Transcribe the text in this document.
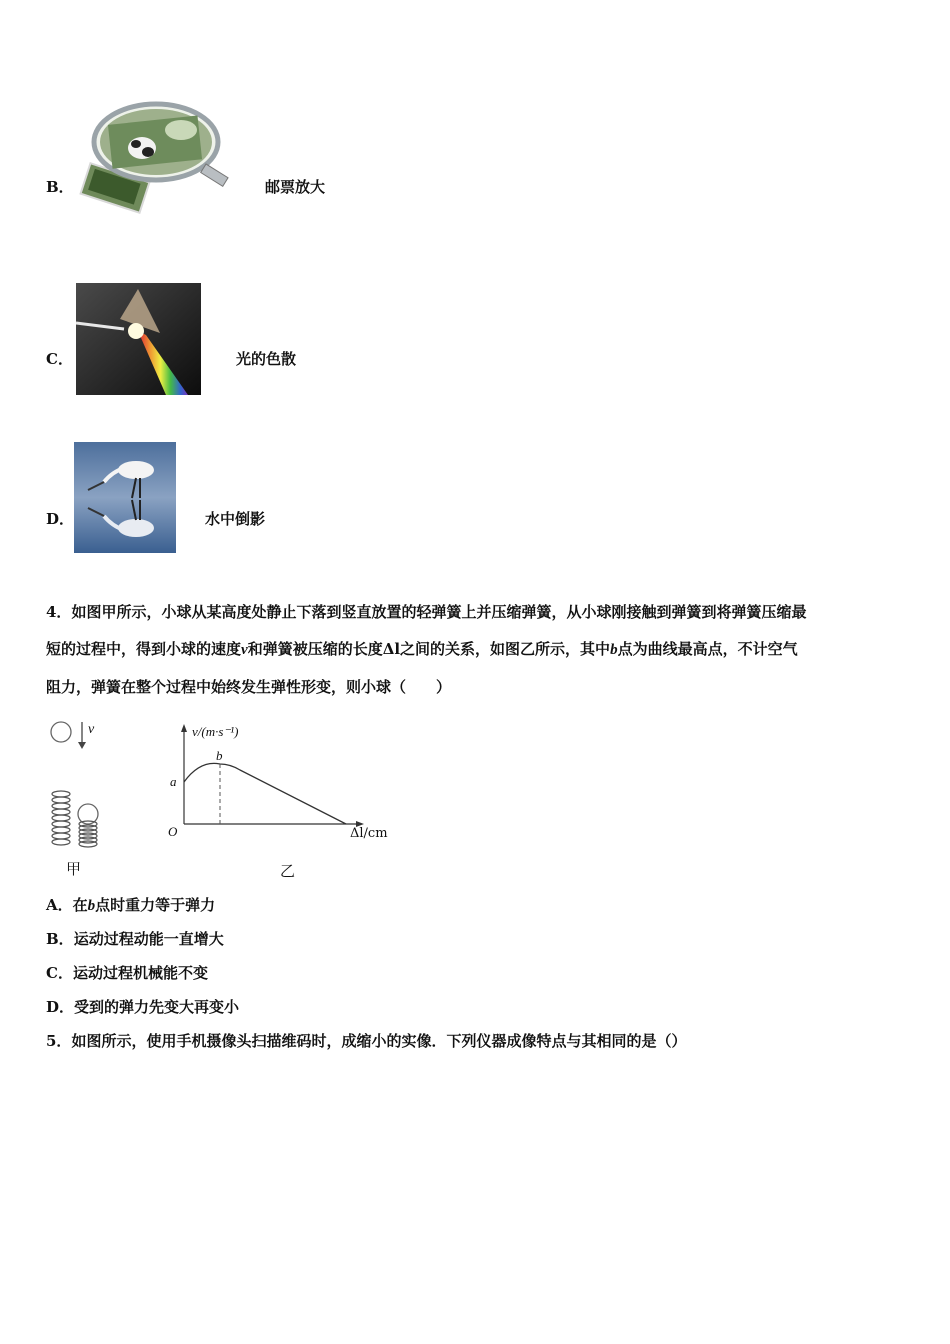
B．	邮票放大
C．	光的色散
D．	水中倒影
4．如图甲所示，小球从某高度处静止下落到竖直放置的轻弹簧上并压缩弹簧，从小球刚接触到弹簧到将弹簧压缩最
短的过程中，得到小球的速度v和弹簧被压缩的长度Δl之间的关系，如图乙所示，其中b点为曲线最高点，不计空气
阻力，弹簧在整个过程中始终发生弹性形变，则小球（　　）
v
甲
v/(m·s⁻¹)
b
a
O	Δl/cm
乙
A．在b点时重力等于弹力
B．运动过程动能一直增大
C．运动过程机械能不变
D．受到的弹力先变大再变小
5．如图所示，使用手机摄像头扫描维码时，成缩小的实像．下列仪器成像特点与其相同的是（）
